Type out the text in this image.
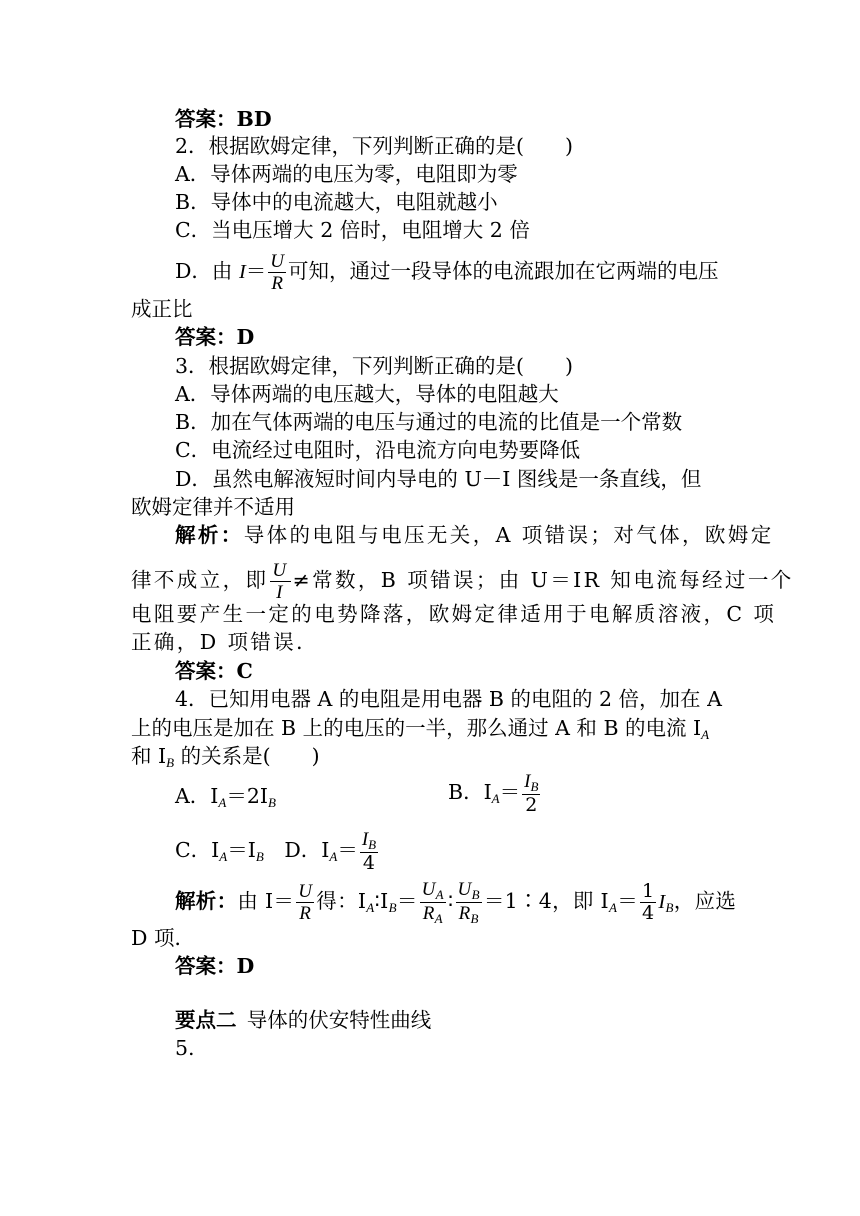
答案：BD
2．根据欧姆定律，下列判断正确的是(　　)
A．导体两端的电压为零，电阻即为零
B．导体中的电流越大，电阻就越小
C．当电压增大 2 倍时，电阻增大 2 倍
D．由 $I= \frac{U}{R}$ 可知，通过一段导体的电流跟加在它两端的电压
成正比
答案：D
3．根据欧姆定律，下列判断正确的是(　　)
A．导体两端的电压越大，导体的电阻越大
B．加在气体两端的电压与通过的电流的比值是一个常数
C．电流经过电阻时，沿电流方向电势要降低
D．虽然电解液短时间内导电的 U－I 图线是一条直线，但
欧姆定律并不适用
解析：导体的电阻与电压无关，A 项错误；对气体，欧姆定
律不成立，即 $\frac{U}{I}$ ≠常数，B 项错误；由 U＝IR 知电流每经过一个
电阻要产生一定的电势降落，欧姆定律适用于电解质溶液，C 项
正确，D 项错误．
答案：C
4．已知用电器 A 的电阻是用电器 B 的电阻的 2 倍，加在 A
上的电压是加在 B 上的电压的一半，那么通过 A 和 B 的电流 $I_A$
和 $I_B$ 的关系是(　　)
A．$I_A=2I_B$	B．$I_A= \frac{I_B}{2}$
C．$I_A=I_B$　 D．$I_A= \frac{I_B}{4}$
解析：由 $I= \frac{U}{R}$ 得：$I_A∶I_B= \frac{U_A}{R_A}$ ∶ $\frac{U_B}{R_B}$ ＝1∶4，即 $I_A= \frac{1}{4} I_B$，应选
D 项．
答案：D
要点二  导体的伏安特性曲线
5.
